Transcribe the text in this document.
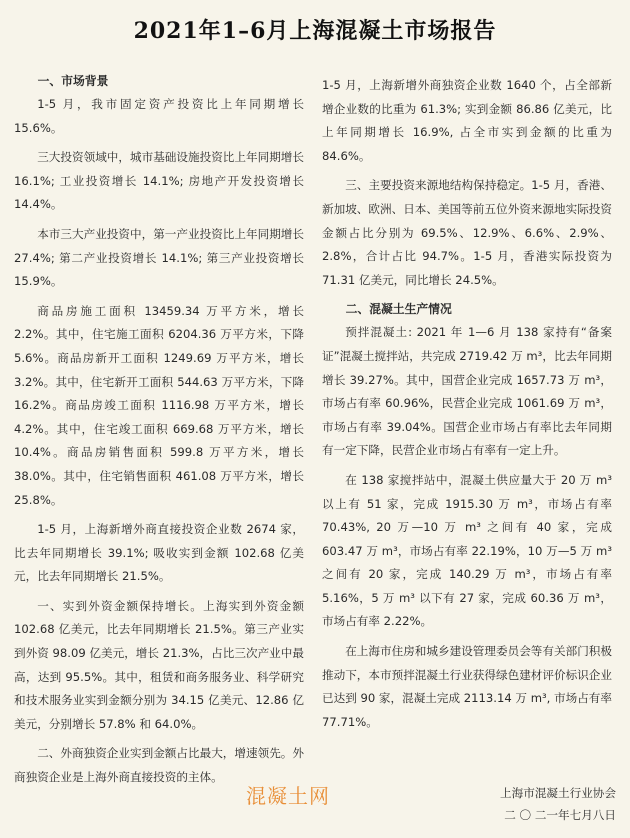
2021年1–6月上海混凝土市场报告
一、市场背景

1-5 月，我市固定资产投资比上年同期增长 15.6%。

三大投资领域中，城市基础设施投资比上年同期增长 16.1%; 工业投资增长 14.1%; 房地产开发投资增长 14.4%。

本市三大产业投资中，第一产业投资比上年同期增长 27.4%; 第二产业投资增长 14.1%; 第三产业投资增长 15.9%。

商品房施工面积 13459.34 万平方米，增长 2.2%。其中，住宅施工面积 6204.36 万平方米，下降 5.6%。商品房新开工面积 1249.69 万平方米，增长 3.2%。其中，住宅新开工面积 544.63 万平方米，下降 16.2%。商品房竣工面积 1116.98 万平方米，增长 4.2%。其中，住宅竣工面积 669.68 万平方米，增长 10.4%。商品房销售面积 599.8 万平方米，增长 38.0%。其中，住宅销售面积 461.08 万平方米，增长 25.8%。

1-5 月，上海新增外商直接投资企业数 2674 家，比去年同期增长 39.1%; 吸收实到金额 102.68 亿美元，比去年同期增长 21.5%。

一、实到外资金额保持增长。上海实到外资金额 102.68 亿美元，比去年同期增长 21.5%。第三产业实到外资 98.09 亿美元，增长 21.3%，占比三次产业中最高，达到 95.5%。其中，租赁和商务服务业、科学研究和技术服务业实到金额分别为 34.15 亿美元、12.86 亿美元，分别增长 57.8% 和 64.0%。

二、外商独资企业实到金额占比最大，增速领先。外商独资企业是上海外商直接投资的主体。

1-5 月，上海新增外商独资企业数 1640 个，占全部新增企业数的比重为 61.3%; 实到金额 86.86 亿美元，比上年同期增长 16.9%, 占全市实到金额的比重为 84.6%。

三、主要投资来源地结构保持稳定。1-5 月，香港、新加坡、欧洲、日本、美国等前五位外资来源地实际投资金额占比分别为 69.5%、12.9%、6.6%、2.9%、2.8%，合计占比 94.7%。1-5 月，香港实际投资为 71.31 亿美元，同比增长 24.5%。

二、混凝土生产情况

预拌混凝土: 2021 年 1—6 月 138 家持有“备案证”混凝土搅拌站，共完成 2719.42 万 m³，比去年同期增长 39.27%。其中，国营企业完成 1657.73 万 m³，市场占有率 60.96%，民营企业完成 1061.69 万 m³，市场占有率 39.04%。国营企业市场占有率比去年同期有一定下降，民营企业市场占有率有一定上升。

在 138 家搅拌站中，混凝土供应量大于 20 万 m³ 以上有 51 家，完成 1915.30 万 m³，市场占有率 70.43%, 20 万—10 万 m³ 之间有 40 家，完成 603.47 万 m³，市场占有率 22.19%，10 万—5 万 m³ 之间有 20 家，完成 140.29 万 m³，市场占有率 5.16%，5 万 m³ 以下有 27 家，完成 60.36 万 m³，市场占有率 2.22%。

在上海市住房和城乡建设管理委员会等有关部门积极推动下，本市预拌混凝土行业获得绿色建材评价标识企业已达到 90 家，混凝土完成 2113.14 万 m³, 市场占有率 77.71%。

混凝土网	上海市混凝土行业协会
二 〇 二一年七月八日
